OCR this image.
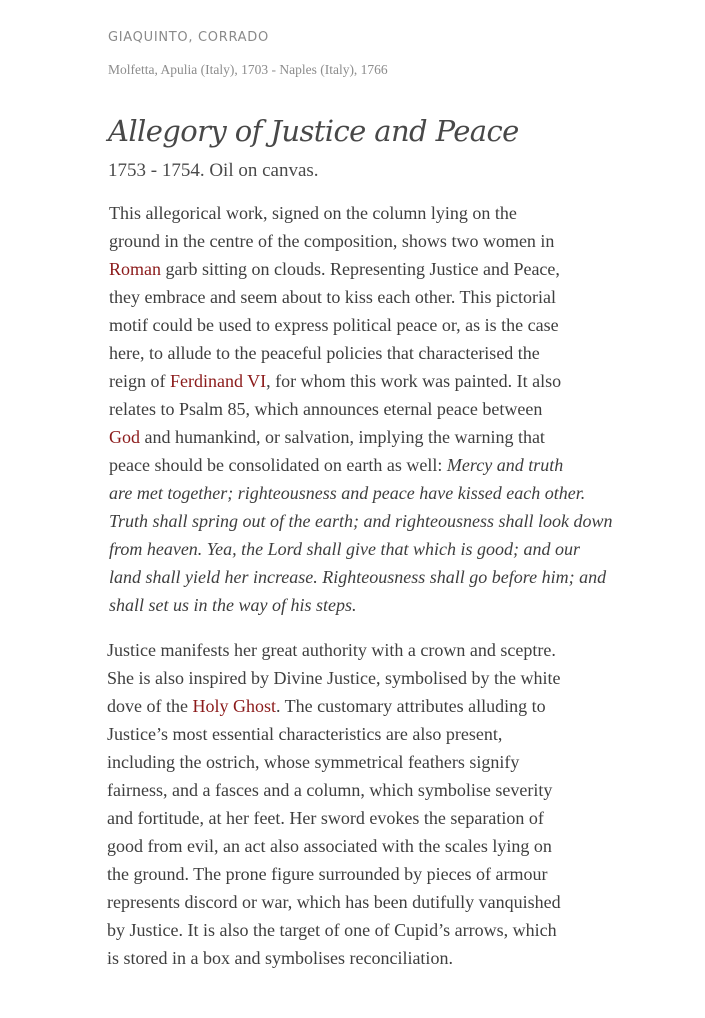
GIAQUINTO, CORRADO

Molfetta, Apulia (Italy), 1703 - Naples (Italy), 1766

Allegory of Justice and Peace

1753 - 1754. Oil on canvas.

This allegorical work, signed on the column lying on the
ground in the centre of the composition, shows two women in
Roman garb sitting on clouds. Representing Justice and Peace,
they embrace and seem about to kiss each other. This pictorial
motif could be used to express political peace or, as is the case
here, to allude to the peaceful policies that characterised the
reign of Ferdinand VI, for whom this work was painted. It also
relates to Psalm 85, which announces eternal peace between
God and humankind, or salvation, implying the warning that
peace should be consolidated on earth as well: Mercy and truth
are met together; righteousness and peace have kissed each other.
Truth shall spring out of the earth; and righteousness shall look down
from heaven. Yea, the Lord shall give that which is good; and our
land shall yield her increase. Righteousness shall go before him; and
shall set us in the way of his steps.

Justice manifests her great authority with a crown and sceptre.
She is also inspired by Divine Justice, symbolised by the white
dove of the Holy Ghost. The customary attributes alluding to
Justice’s most essential characteristics are also present,
including the ostrich, whose symmetrical feathers signify
fairness, and a fasces and a column, which symbolise severity
and fortitude, at her feet. Her sword evokes the separation of
good from evil, an act also associated with the scales lying on
the ground. The prone figure surrounded by pieces of armour
represents discord or war, which has been dutifully vanquished
by Justice. It is also the target of one of Cupid’s arrows, which
is stored in a box and symbolises reconciliation.
